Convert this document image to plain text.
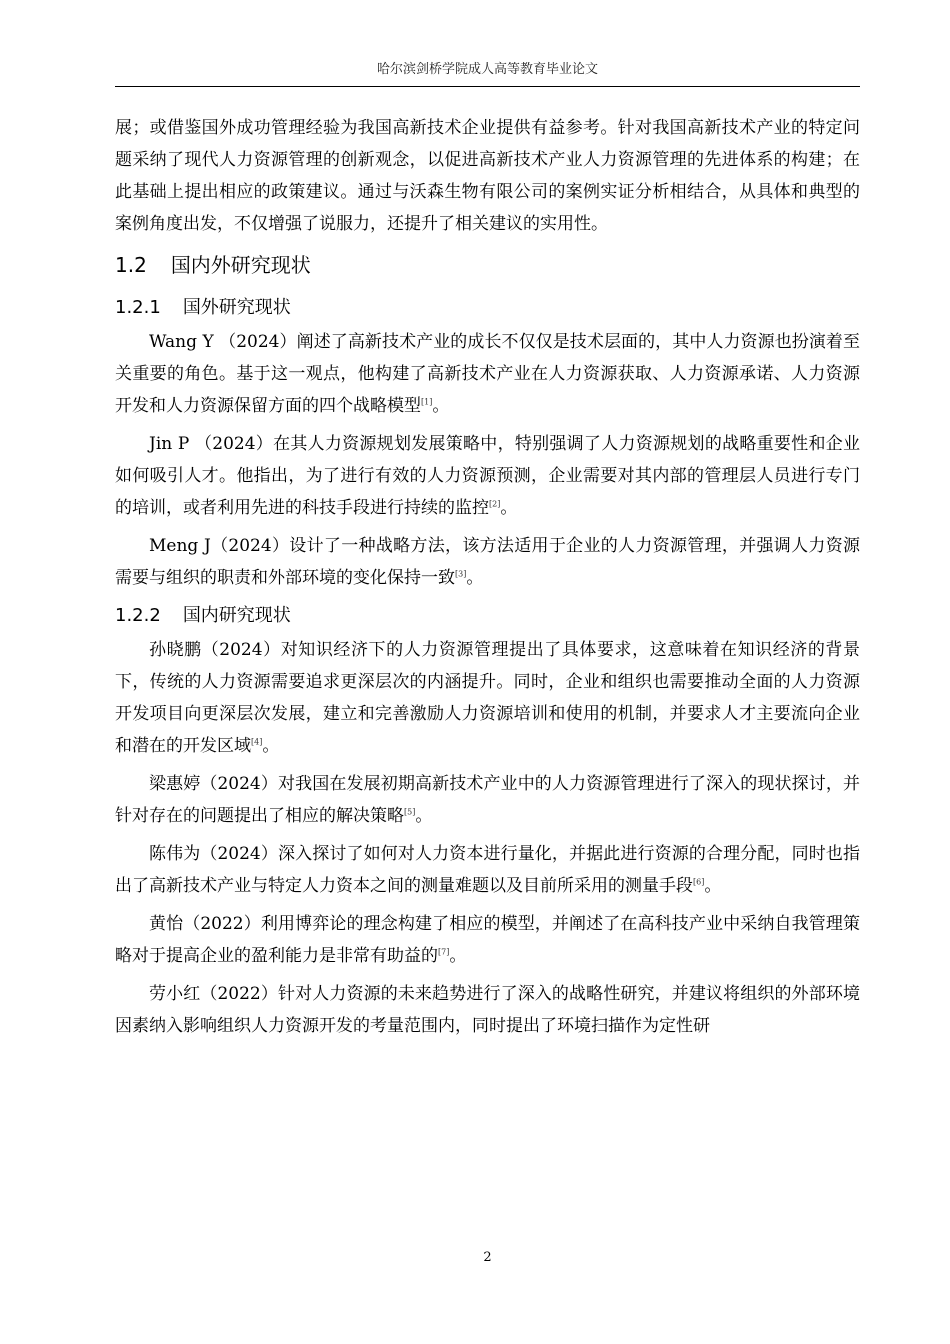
哈尔滨剑桥学院成人高等教育毕业论文

展；或借鉴国外成功管理经验为我国高新技术企业提供有益参考。针对我国高新技术产业的特定问题采纳了现代人力资源管理的创新观念，以促进高新技术产业人力资源管理的先进体系的构建；在此基础上提出相应的政策建议。通过与沃森生物有限公司的案例实证分析相结合，从具体和典型的案例角度出发，不仅增强了说服力，还提升了相关建议的实用性。

1.2 国内外研究现状
1.2.1 国外研究现状

Wang Y （2024）阐述了高新技术产业的成长不仅仅是技术层面的，其中人力资源也扮演着至关重要的角色。基于这一观点，他构建了高新技术产业在人力资源获取、人力资源承诺、人力资源开发和人力资源保留方面的四个战略模型[1]。

Jin P （2024）在其人力资源规划发展策略中，特别强调了人力资源规划的战略重要性和企业如何吸引人才。他指出，为了进行有效的人力资源预测，企业需要对其内部的管理层人员进行专门的培训，或者利用先进的科技手段进行持续的监控[2]。

Meng J（2024）设计了一种战略方法，该方法适用于企业的人力资源管理，并强调人力资源需要与组织的职责和外部环境的变化保持一致[3]。

1.2.2 国内研究现状

孙晓鹏（2024）对知识经济下的人力资源管理提出了具体要求，这意味着在知识经济的背景下，传统的人力资源需要追求更深层次的内涵提升。同时，企业和组织也需要推动全面的人力资源开发项目向更深层次发展，建立和完善激励人力资源培训和使用的机制，并要求人才主要流向企业和潜在的开发区域[4]。

梁惠婷（2024）对我国在发展初期高新技术产业中的人力资源管理进行了深入的现状探讨，并针对存在的问题提出了相应的解决策略[5]。

陈伟为（2024）深入探讨了如何对人力资本进行量化，并据此进行资源的合理分配，同时也指出了高新技术产业与特定人力资本之间的测量难题以及目前所采用的测量手段[6]。

黄怡（2022）利用博弈论的理念构建了相应的模型，并阐述了在高科技产业中采纳自我管理策略对于提高企业的盈利能力是非常有助益的[7]。

劳小红（2022）针对人力资源的未来趋势进行了深入的战略性研究，并建议将组织的外部环境因素纳入影响组织人力资源开发的考量范围内，同时提出了环境扫描作为定性研

2
